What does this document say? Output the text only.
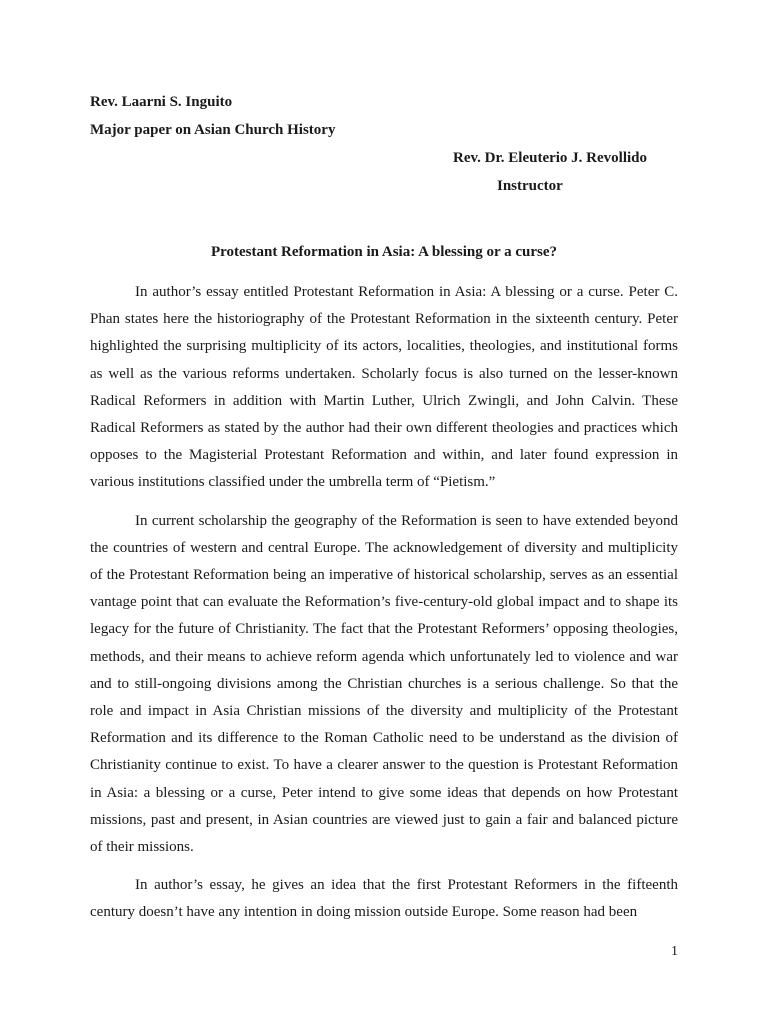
Rev. Laarni S. Inguito
Major paper on Asian Church History
Rev. Dr. Eleuterio J. Revollido
Instructor
Protestant Reformation in Asia: A blessing or a curse?

In author’s essay entitled Protestant Reformation in Asia: A blessing or a curse. Peter C. Phan states here the historiography of the Protestant Reformation in the sixteenth century. Peter highlighted the surprising multiplicity of its actors, localities, theologies, and institutional forms as well as the various reforms undertaken. Scholarly focus is also turned on the lesser-known Radical Reformers in addition with Martin Luther, Ulrich Zwingli, and John Calvin. These Radical Reformers as stated by the author had their own different theologies and practices which opposes to the Magisterial Protestant Reformation and within, and later found expression in various institutions classified under the umbrella term of “Pietism.”

In current scholarship the geography of the Reformation is seen to have extended beyond the countries of western and central Europe. The acknowledgement of diversity and multiplicity of the Protestant Reformation being an imperative of historical scholarship, serves as an essential vantage point that can evaluate the Reformation’s five-century-old global impact and to shape its legacy for the future of Christianity. The fact that the Protestant Reformers’ opposing theologies, methods, and their means to achieve reform agenda which unfortunately led to violence and war and to still-ongoing divisions among the Christian churches is a serious challenge. So that the role and impact in Asia Christian missions of the diversity and multiplicity of the Protestant Reformation and its difference to the Roman Catholic need to be understand as the division of Christianity continue to exist. To have a clearer answer to the question is Protestant Reformation in Asia: a blessing or a curse, Peter intend to give some ideas that depends on how Protestant missions, past and present, in Asian countries are viewed just to gain a fair and balanced picture of their missions.

In author’s essay, he gives an idea that the first Protestant Reformers in the fifteenth century doesn’t have any intention in doing mission outside Europe. Some reason had been

1
